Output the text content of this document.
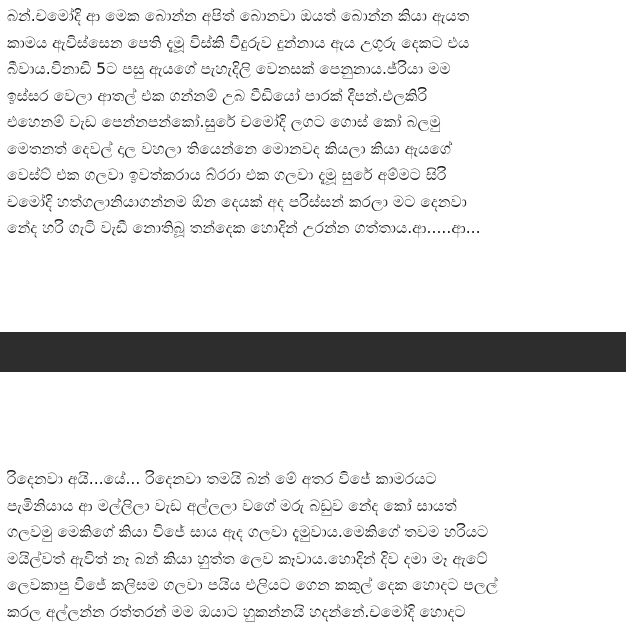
බන්.චමෝදි ආ මෙක බොන්න අපිත් බොනවා ඔයත් බොන්න කියා ඇයත
කාමය ඇවිස්සෙන පෙති දැමූ විස්කි වීදුරුව දුන්නාය ඇය උගුරු දෙකට එය
බීවාය.විනාඩි 5ට පසු ඇයගේ පැහැදිලි වෙනසක් පෙනුනාය.ජ්රියා මම
ඉස්සර වෙලා ආතල් එක ගන්නම් උබ වීඩියෝ පාරක් දීපන්.එලකිරි
එහෙනම් වැඩ පෙන්නපන්කෝ.සුරේ චමෝදි ලගට ගොස් කෝ බලමු
මෙතනත් දෙවල් දාල වහලා තියෙන්නෙ මොනවද කියලා කියා ඇයගේ
වෙස්ට් එක ගලවා ඉවත්කරාය බ්රරා එක ගලවා දැමූ සුරේ අම්මට සිරි
චමෝදි හත්ගලානියාගන්නම ඕන දෙයක් අද පරිස්සන් කරලා මට දෙනවා
නේද හරි ගැටි වැඩී නොතිබූ තන්දෙක හොදින් උරන්න ගත්තාය.ආ.....ආ...
රිදෙනවා අයි...යේ... රිදෙනවා තමයි බන් මේ අතර විජේ කාමරයට
පැමිනියාය ආ මල්ලිලා වැඩ අල්ලලා වගේ මරු බඩුව නේද කෝ සායත්
ගලවමු මෙකිගේ කියා විජේ සාය ඇද ගලවා දැමුවාය.මෙකිගේ තවම හරියට
මයිල්වත් ඇවිත් නෑ බන් කියා හුත්ත ලෙව කෑවාය.හොදින් දිව දමා මෑ ඇටේ
ලෙවකාපු විජේ කලිසම ගලවා පයිය එලියට ගෙන කකුල් දෙක හොදට පලල්
කරල අල්ලන්න රත්තරන් මම ඔයාට හුකන්නයි හදන්නේ.චමෝදි හොදට
